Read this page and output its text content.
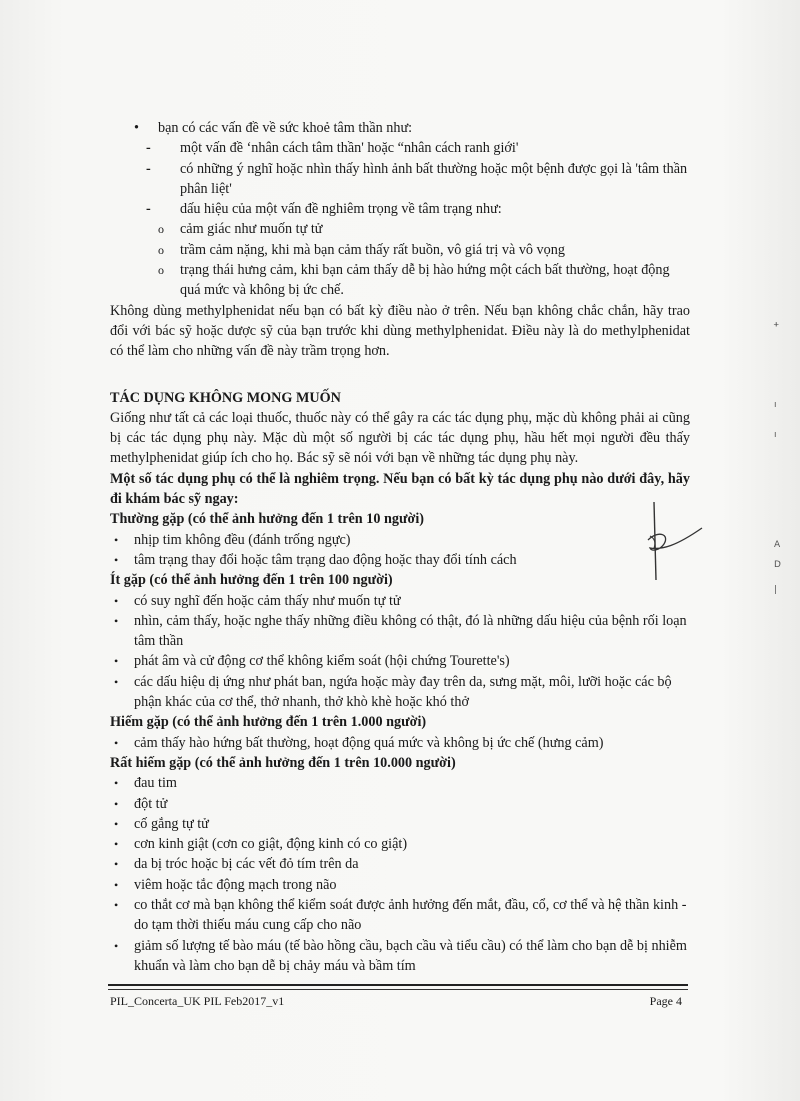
• bạn có các vấn đề về sức khoẻ tâm thần như:
- một vấn đề ‘nhân cách tâm thần' hoặc “nhân cách ranh giới'
- có những ý nghĩ hoặc nhìn thấy hình ảnh bất thường hoặc một bệnh được gọi là 'tâm thần phân liệt'
- dấu hiệu của một vấn đề nghiêm trọng về tâm trạng như:
o cảm giác như muốn tự tử
o trầm cảm nặng, khi mà bạn cảm thấy rất buồn, vô giá trị và vô vọng
o trạng thái hưng cảm, khi bạn cảm thấy dễ bị hào hứng một cách bất thường, hoạt động quá mức và không bị ức chế.

Không dùng methylphenidat nếu bạn có bất kỳ điều nào ở trên. Nếu bạn không chắc chắn, hãy trao đổi với bác sỹ hoặc dược sỹ của bạn trước khi dùng methylphenidat. Điều này là do methylphenidat có thể làm cho những vấn đề này trầm trọng hơn.

TÁC DỤNG KHÔNG MONG MUỐN

Giống như tất cả các loại thuốc, thuốc này có thể gây ra các tác dụng phụ, mặc dù không phải ai cũng bị các tác dụng phụ này. Mặc dù một số người bị các tác dụng phụ, hầu hết mọi người đều thấy methylphenidat giúp ích cho họ. Bác sỹ sẽ nói với bạn về những tác dụng phụ này.

Một số tác dụng phụ có thể là nghiêm trọng. Nếu bạn có bất kỳ tác dụng phụ nào dưới đây, hãy đi khám bác sỹ ngay:

Thường gặp (có thể ảnh hưởng đến 1 trên 10 người)
• nhịp tim không đều (đánh trống ngực)
• tâm trạng thay đổi hoặc tâm trạng dao động hoặc thay đổi tính cách
Ít gặp (có thể ảnh hưởng đến 1 trên 100 người)
• có suy nghĩ đến hoặc cảm thấy như muốn tự tử
• nhìn, cảm thấy, hoặc nghe thấy những điều không có thật, đó là những dấu hiệu của bệnh rối loạn tâm thần
• phát âm và cử động cơ thể không kiểm soát (hội chứng Tourette's)
• các dấu hiệu dị ứng như phát ban, ngứa hoặc mày đay trên da, sưng mặt, môi, lưỡi hoặc các bộ phận khác của cơ thể, thở nhanh, thở khò khè hoặc khó thở
Hiếm gặp (có thể ảnh hưởng đến 1 trên 1.000 người)
• cảm thấy hào hứng bất thường, hoạt động quá mức và không bị ức chế (hưng cảm)
Rất hiếm gặp (có thể ảnh hưởng đến 1 trên 10.000 người)
• đau tim
• đột tử
• cố gắng tự tử
• cơn kinh giật (cơn co giật, động kinh có co giật)
• da bị tróc hoặc bị các vết đỏ tím trên da
• viêm hoặc tắc động mạch trong não
• co thắt cơ mà bạn không thể kiểm soát được ảnh hưởng đến mắt, đầu, cổ, cơ thể và hệ thần kinh - do tạm thời thiếu máu cung cấp cho não
• giảm số lượng tế bào máu (tế bào hồng cầu, bạch cầu và tiểu cầu) có thể làm cho bạn dễ bị nhiễm khuẩn và làm cho bạn dễ bị chảy máu và bầm tím
ᚐ
ı
ı
A
D
|
PIL_Concerta_UK PIL Feb2017_v1	Page 4
